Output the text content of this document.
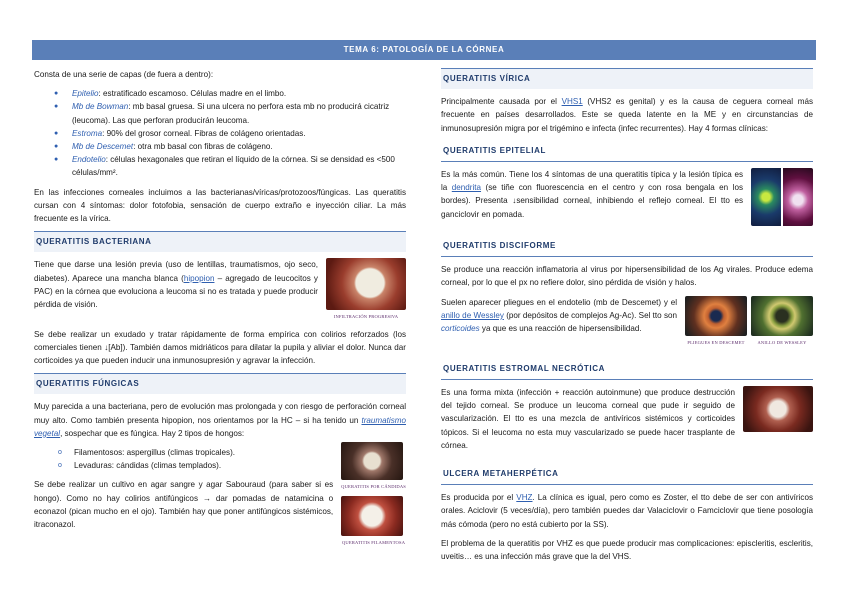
TEMA 6: PATOLOGÍA DE LA CÓRNEA

Consta de una serie de capas (de fuera a dentro):

● Epitelio: estratificado escamoso. Células madre en el limbo.
● Mb de Bowman: mb basal gruesa. Si una ulcera no perfora esta mb no producirá cicatriz (leucoma). Las que perforan producirán leucoma.
● Estroma: 90% del grosor corneal. Fibras de colágeno orientadas.
● Mb de Descemet: otra mb basal con fibras de colágeno.
● Endotelio: células hexagonales que retiran el líquido de la córnea. Si se densidad es <500 células/mm².

En las infecciones corneales incluimos a las bacterianas/víricas/protozoos/fúngicas. Las queratitis cursan con 4 síntomas: dolor fotofobia, sensación de cuerpo extraño e inyección ciliar. La más frecuente es la vírica.

QUERATITIS BACTERIANA
INFILTRACIÓN PROGRESIVA

Tiene que darse una lesión previa (uso de lentillas, traumatismos, ojo seco, diabetes). Aparece una mancha blanca (hipopion – agregado de leucocitos y PAC) en la córnea que evoluciona a leucoma si no es tratada y puede producir pérdida de visión.

Se debe realizar un exudado y tratar rápidamente de forma empírica con colirios reforzados (los comerciales tienen ↓[Ab]). También damos midriáticos para dilatar la pupila y aliviar el dolor. Nunca dar corticoides ya que pueden inducir una inmunosupresión y agravar la infección.

QUERATITIS FÚNGICAS

Muy parecida a una bacteriana, pero de evolución mas prolongada y con riesgo de perforación corneal muy alto. Como también presenta hipopion, nos orientamos por la HC – si ha tenido un traumatismo vegetal, sospechar que es fúngica. Hay 2 tipos de hongos:

QUERATITIS POR CÁNDIDAS
QUERATITIS FILAMENTOSA
o Filamentosos: aspergillus (climas tropicales).
o Levaduras: cándidas (climas templados).

Se debe realizar un cultivo en agar sangre y agar Sabouraud (para saber si es hongo). Como no hay colirios antifúngicos → dar pomadas de natamicina o econazol (pican mucho en el ojo). También hay que poner antifúngicos sistémicos, itraconazol.

QUERATITIS VÍRICA

Principalmente causada por el VHS1 (VHS2 es genital) y es la causa de ceguera corneal más frecuente en países desarrollados. Este se queda latente en la ME y en circunstancias de inmunosupresión migra por el trigémino e infecta (infec recurrentes). Hay 4 formas clínicas:

QUERATITIS EPITELIAL

Es la más común. Tiene los 4 síntomas de una queratitis típica y la lesión típica es la dendrita (se tiñe con fluorescencia en el centro y con rosa bengala en los bordes). Presenta ↓sensibilidad corneal, inhibiendo el reflejo corneal. El tto es ganciclovir en pomada.

QUERATITIS DISCIFORME

Se produce una reacción inflamatoria al virus por hipersensibilidad de los Ag virales. Produce edema corneal, por lo que el px no refiere dolor, sino pérdida de visión y halos.

PLIEGUES EN DESCEMET	ANILLO DE WESSLEY

Suelen aparecer pliegues en el endotelio (mb de Descemet) y el anillo de Wessley (por depósitos de complejos Ag-Ac). Sel tto son corticoides ya que es una reacción de hipersensibilidad.

QUERATITIS ESTROMAL NECRÓTICA

Es una forma mixta (infección + reacción autoinmune) que produce destrucción del tejido corneal. Se produce un leucoma corneal que pude ir seguido de vascularización. El tto es una mezcla de antivíricos sistémicos y corticoides tópicos. Si el leucoma no esta muy vascularizado se puede hacer trasplante de córnea.

ULCERA METAHERPÉTICA

Es producida por el VHZ. La clínica es igual, pero como es Zoster, el tto debe de ser con antivíricos orales. Aciclovir (5 veces/día), pero también puedes dar Valaciclovir o Famciclovir que tiene posología más cómoda (pero no está cubierto por la SS).

El problema de la queratitis por VHZ es que puede producir mas complicaciones: episcleritis, escleritis, uveitis… es una infección más grave que la del VHS.
